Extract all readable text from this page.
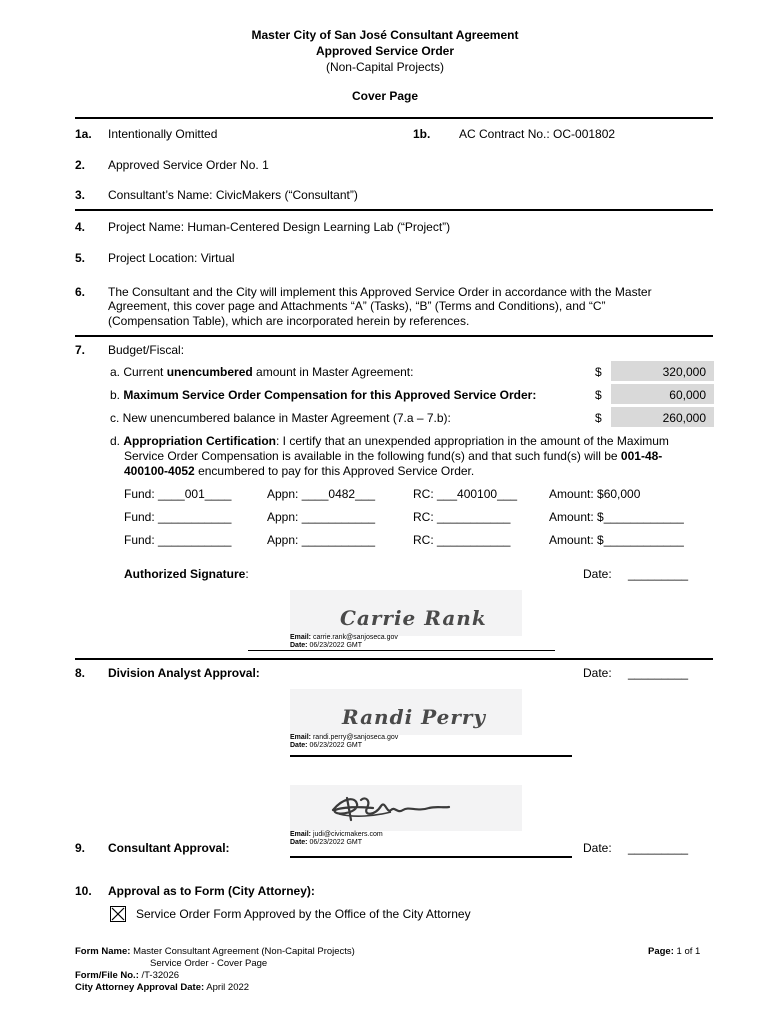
Master City of San José Consultant Agreement
Approved Service Order
(Non-Capital Projects)
Cover Page
1a. Intentionally Omitted	1b. AC Contract No.: OC-001802
2. Approved Service Order No. 1
3. Consultant’s Name: CivicMakers (“Consultant”)
4. Project Name: Human-Centered Design Learning Lab (“Project”)
5. Project Location: Virtual
6. The Consultant and the City will implement this Approved Service Order in accordance with the Master
Agreement, this cover page and Attachments “A” (Tasks), “B” (Terms and Conditions), and “C”
(Compensation Table), which are incorporated herein by references.
7. Budget/Fiscal:
a. Current unencumbered amount in Master Agreement:	$	320,000
b. Maximum Service Order Compensation for this Approved Service Order:	$	60,000
c. New unencumbered balance in Master Agreement (7.a – 7.b):	$	260,000
d. Appropriation Certification: I certify that an unexpended appropriation in the amount of the Maximum
Service Order Compensation is available in the following fund(s) and that such fund(s) will be 001-48-
400100-4052 encumbered to pay for this Approved Service Order.
Fund: ____001____	Appn: ____0482___	RC: ___400100___	Amount: $60,000
Fund: ___________	Appn: ___________	RC: ___________	Amount: $____________
Fund: ___________	Appn: ___________	RC: ___________	Amount: $____________
Authorized Signature:	Date: _________
Carrie Rank
Email: carrie.rank@sanjoseca.gov
Date: 06/23/2022 GMT
8. Division Analyst Approval:	Date: _________
Randi Perry
Email: randi.perry@sanjoseca.gov
Date: 06/23/2022 GMT
Email: judi@civicmakers.com
Date: 06/23/2022 GMT
9. Consultant Approval:	Date: _________
10. Approval as to Form (City Attorney):
Service Order Form Approved by the Office of the City Attorney
Form Name: Master Consultant Agreement (Non-Capital Projects)
Service Order - Cover Page
Form/File No.: /T-32026
City Attorney Approval Date: April 2022
Page: 1 of 1
